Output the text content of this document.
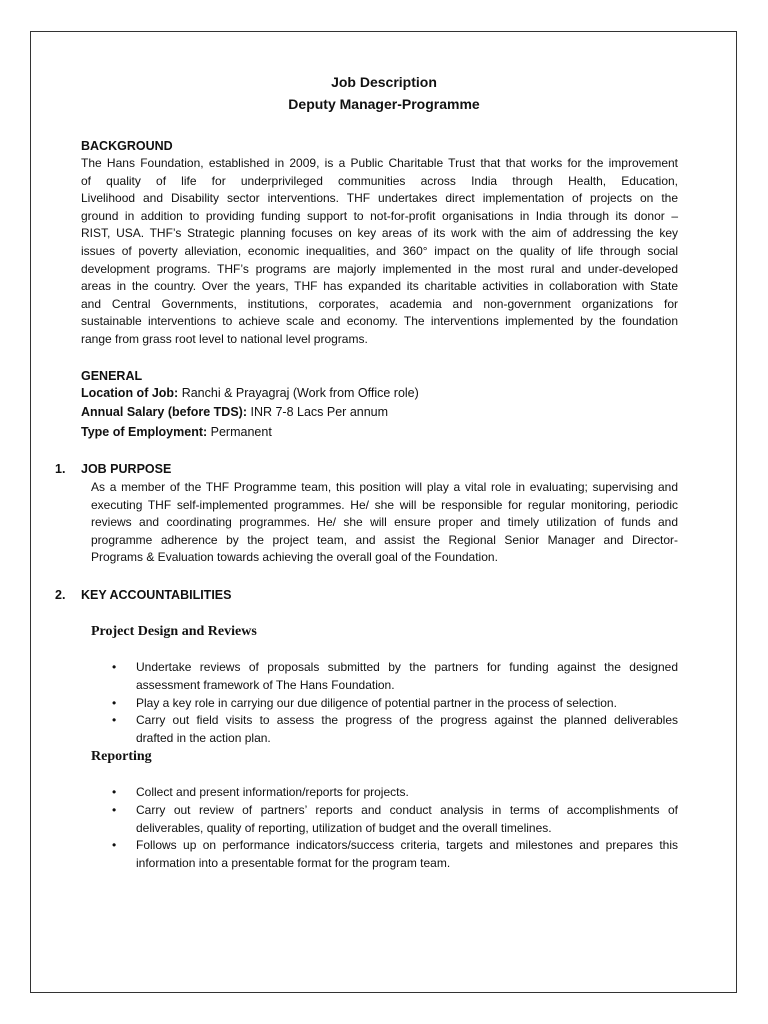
Job Description
Deputy Manager-Programme
BACKGROUND
The Hans Foundation, established in 2009, is a Public Charitable Trust that that works for the improvement
of quality of life for underprivileged communities across India through Health, Education,
Livelihood and Disability sector interventions. THF undertakes direct implementation of projects on the
ground in addition to providing funding support to not-for-profit organisations in India through its donor –
RIST, USA. THF’s Strategic planning focuses on key areas of its work with the aim of addressing the key
issues of poverty alleviation, economic inequalities, and 360° impact on the quality of life through social
development programs. THF’s programs are majorly implemented in the most rural and under-developed
areas in the country. Over the years, THF has expanded its charitable activities in collaboration with State
and Central Governments, institutions, corporates, academia and non-government organizations for
sustainable interventions to achieve scale and economy. The interventions implemented by the foundation
range from grass root level to national level programs.
GENERAL
Location of Job: Ranchi & Prayagraj (Work from Office role)
Annual Salary (before TDS): INR 7-8 Lacs Per annum
Type of Employment: Permanent
1. JOB PURPOSE
As a member of the THF Programme team, this position will play a vital role in evaluating; supervising and
executing THF self-implemented programmes. He/ she will be responsible for regular monitoring, periodic
reviews and coordinating programmes. He/ she will ensure proper and timely utilization of funds and
programme adherence by the project team, and assist the Regional Senior Manager and Director-
Programs & Evaluation towards achieving the overall goal of the Foundation.
2. KEY ACCOUNTABILITIES
Project Design and Reviews
• Undertake reviews of proposals submitted by the partners for funding against the designed
assessment framework of The Hans Foundation.
• Play a key role in carrying our due diligence of potential partner in the process of selection.
• Carry out field visits to assess the progress of the progress against the planned deliverables
drafted in the action plan.
Reporting
• Collect and present information/reports for projects.
• Carry out review of partners’ reports and conduct analysis in terms of accomplishments of
deliverables, quality of reporting, utilization of budget and the overall timelines.
• Follows up on performance indicators/success criteria, targets and milestones and prepares this
information into a presentable format for the program team.
